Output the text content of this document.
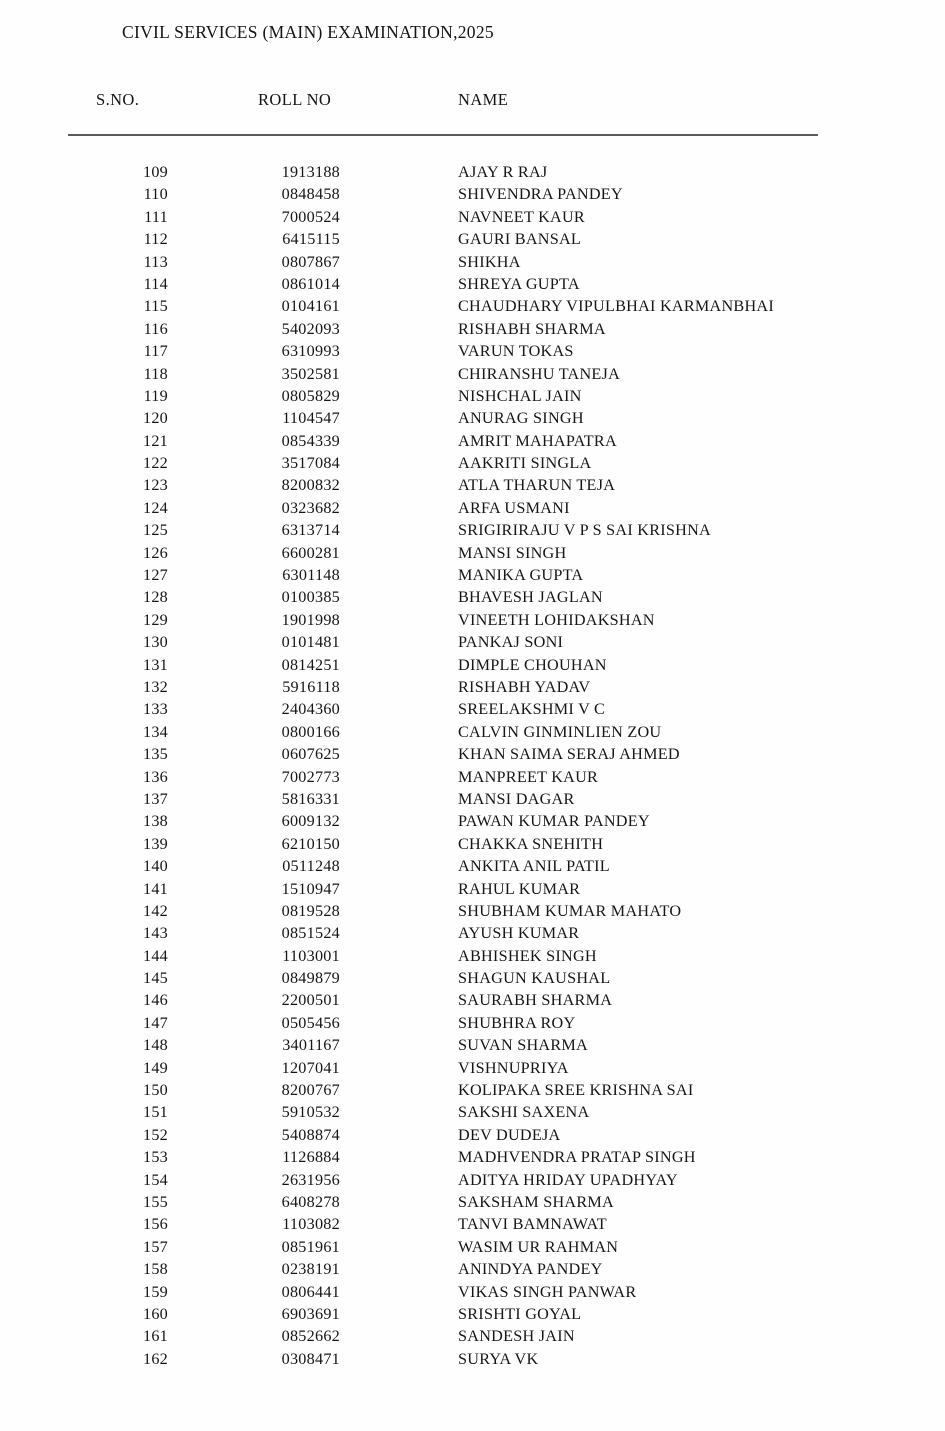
CIVIL SERVICES (MAIN) EXAMINATION,2025
S.NO.	ROLL NO	NAME
109	1913188	AJAY R RAJ
110	0848458	SHIVENDRA PANDEY
111	7000524	NAVNEET KAUR
112	6415115	GAURI BANSAL
113	0807867	SHIKHA
114	0861014	SHREYA GUPTA
115	0104161	CHAUDHARY VIPULBHAI KARMANBHAI
116	5402093	RISHABH SHARMA
117	6310993	VARUN TOKAS
118	3502581	CHIRANSHU TANEJA
119	0805829	NISHCHAL JAIN
120	1104547	ANURAG SINGH
121	0854339	AMRIT MAHAPATRA
122	3517084	AAKRITI SINGLA
123	8200832	ATLA THARUN TEJA
124	0323682	ARFA USMANI
125	6313714	SRIGIRIRAJU V P S SAI KRISHNA
126	6600281	MANSI SINGH
127	6301148	MANIKA GUPTA
128	0100385	BHAVESH JAGLAN
129	1901998	VINEETH LOHIDAKSHAN
130	0101481	PANKAJ SONI
131	0814251	DIMPLE CHOUHAN
132	5916118	RISHABH YADAV
133	2404360	SREELAKSHMI V C
134	0800166	CALVIN GINMINLIEN ZOU
135	0607625	KHAN SAIMA SERAJ AHMED
136	7002773	MANPREET KAUR
137	5816331	MANSI DAGAR
138	6009132	PAWAN KUMAR PANDEY
139	6210150	CHAKKA SNEHITH
140	0511248	ANKITA ANIL PATIL
141	1510947	RAHUL KUMAR
142	0819528	SHUBHAM KUMAR MAHATO
143	0851524	AYUSH KUMAR
144	1103001	ABHISHEK SINGH
145	0849879	SHAGUN KAUSHAL
146	2200501	SAURABH SHARMA
147	0505456	SHUBHRA ROY
148	3401167	SUVAN SHARMA
149	1207041	VISHNUPRIYA
150	8200767	KOLIPAKA SREE KRISHNA SAI
151	5910532	SAKSHI SAXENA
152	5408874	DEV DUDEJA
153	1126884	MADHVENDRA PRATAP SINGH
154	2631956	ADITYA HRIDAY UPADHYAY
155	6408278	SAKSHAM SHARMA
156	1103082	TANVI BAMNAWAT
157	0851961	WASIM UR RAHMAN
158	0238191	ANINDYA PANDEY
159	0806441	VIKAS SINGH PANWAR
160	6903691	SRISHTI GOYAL
161	0852662	SANDESH JAIN
162	0308471	SURYA VK
